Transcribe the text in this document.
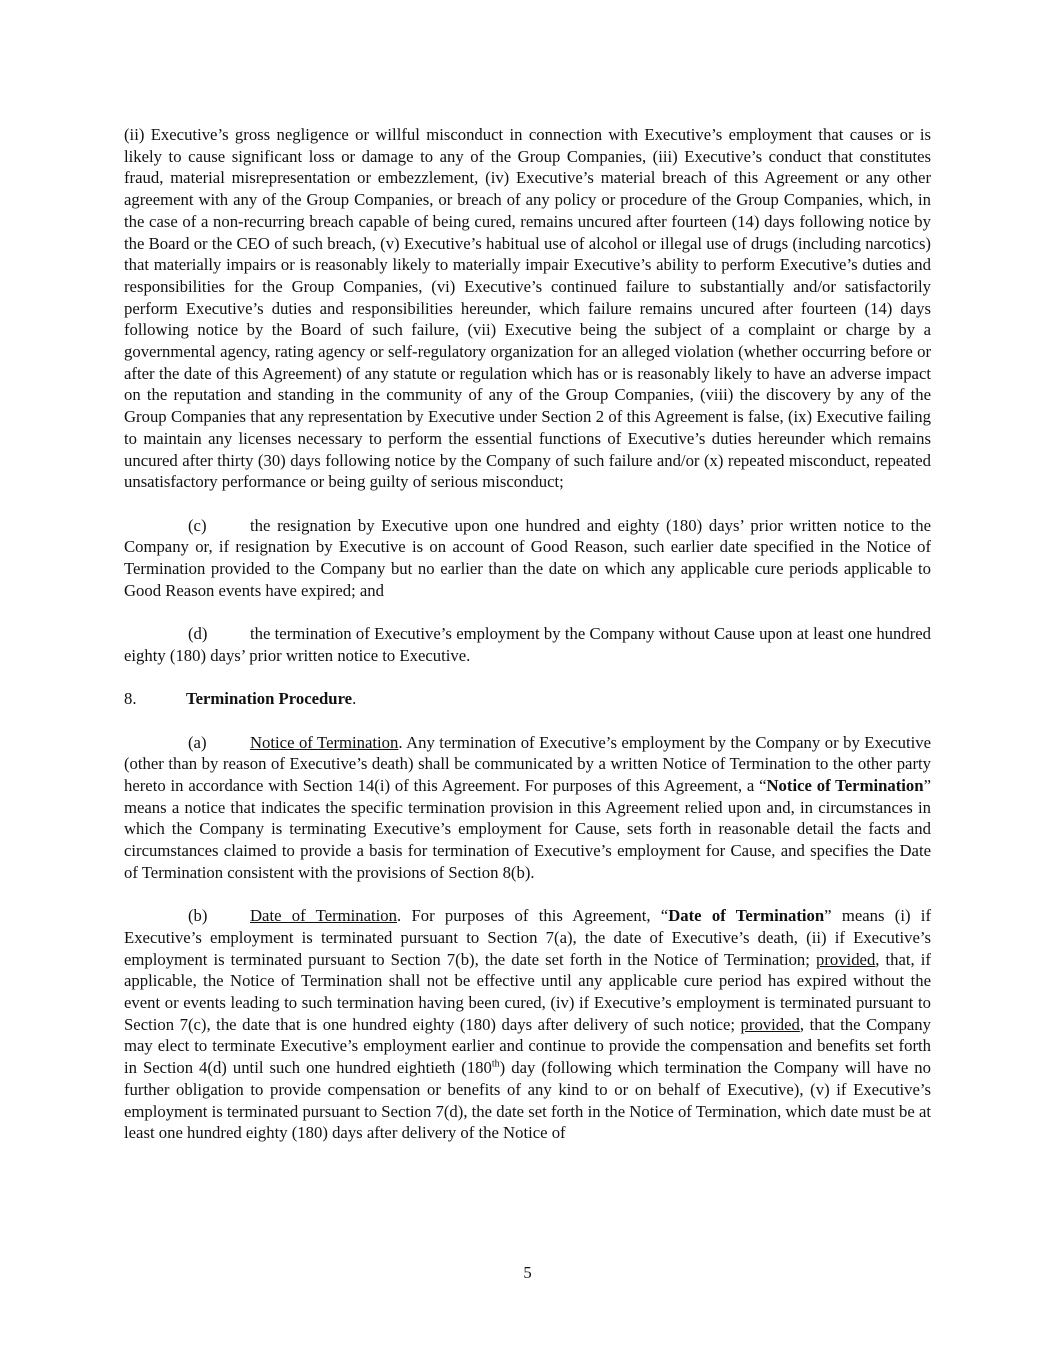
(ii) Executive’s gross negligence or willful misconduct in connection with Executive’s employment that causes or is likely to cause significant loss or damage to any of the Group Companies, (iii) Executive’s conduct that constitutes fraud, material misrepresentation or embezzlement, (iv) Executive’s material breach of this Agreement or any other agreement with any of the Group Companies, or breach of any policy or procedure of the Group Companies, which, in the case of a non-recurring breach capable of being cured, remains uncured after fourteen (14) days following notice by the Board or the CEO of such breach, (v) Executive’s habitual use of alcohol or illegal use of drugs (including narcotics) that materially impairs or is reasonably likely to materially impair Executive’s ability to perform Executive’s duties and responsibilities for the Group Companies, (vi) Executive’s continued failure to substantially and/or satisfactorily perform Executive’s duties and responsibilities hereunder, which failure remains uncured after fourteen (14) days following notice by the Board of such failure, (vii) Executive being the subject of a complaint or charge by a governmental agency, rating agency or self-regulatory organization for an alleged violation (whether occurring before or after the date of this Agreement) of any statute or regulation which has or is reasonably likely to have an adverse impact on the reputation and standing in the community of any of the Group Companies, (viii) the discovery by any of the Group Companies that any representation by Executive under Section 2 of this Agreement is false, (ix) Executive failing to maintain any licenses necessary to perform the essential functions of Executive’s duties hereunder which remains uncured after thirty (30) days following notice by the Company of such failure and/or (x) repeated misconduct, repeated unsatisfactory performance or being guilty of serious misconduct;

(c)	the resignation by Executive upon one hundred and eighty (180) days’ prior written notice to the Company or, if resignation by Executive is on account of Good Reason, such earlier date specified in the Notice of Termination provided to the Company but no earlier than the date on which any applicable cure periods applicable to Good Reason events have expired; and

(d)	the termination of Executive’s employment by the Company without Cause upon at least one hundred eighty (180) days’ prior written notice to Executive.

8.	Termination Procedure.

(a)	Notice of Termination. Any termination of Executive’s employment by the Company or by Executive (other than by reason of Executive’s death) shall be communicated by a written Notice of Termination to the other party hereto in accordance with Section 14(i) of this Agreement. For purposes of this Agreement, a “Notice of Termination” means a notice that indicates the specific termination provision in this Agreement relied upon and, in circumstances in which the Company is terminating Executive’s employment for Cause, sets forth in reasonable detail the facts and circumstances claimed to provide a basis for termination of Executive’s employment for Cause, and specifies the Date of Termination consistent with the provisions of Section 8(b).

(b)	Date of Termination. For purposes of this Agreement, “Date of Termination” means (i) if Executive’s employment is terminated pursuant to Section 7(a), the date of Executive’s death, (ii) if Executive’s employment is terminated pursuant to Section 7(b), the date set forth in the Notice of Termination; provided, that, if applicable, the Notice of Termination shall not be effective until any applicable cure period has expired without the event or events leading to such termination having been cured, (iv) if Executive’s employment is terminated pursuant to Section 7(c), the date that is one hundred eighty (180) days after delivery of such notice; provided, that the Company may elect to terminate Executive’s employment earlier and continue to provide the compensation and benefits set forth in Section 4(d) until such one hundred eightieth (180th) day (following which termination the Company will have no further obligation to provide compensation or benefits of any kind to or on behalf of Executive), (v) if Executive’s employment is terminated pursuant to Section 7(d), the date set forth in the Notice of Termination, which date must be at least one hundred eighty (180) days after delivery of the Notice of

5
